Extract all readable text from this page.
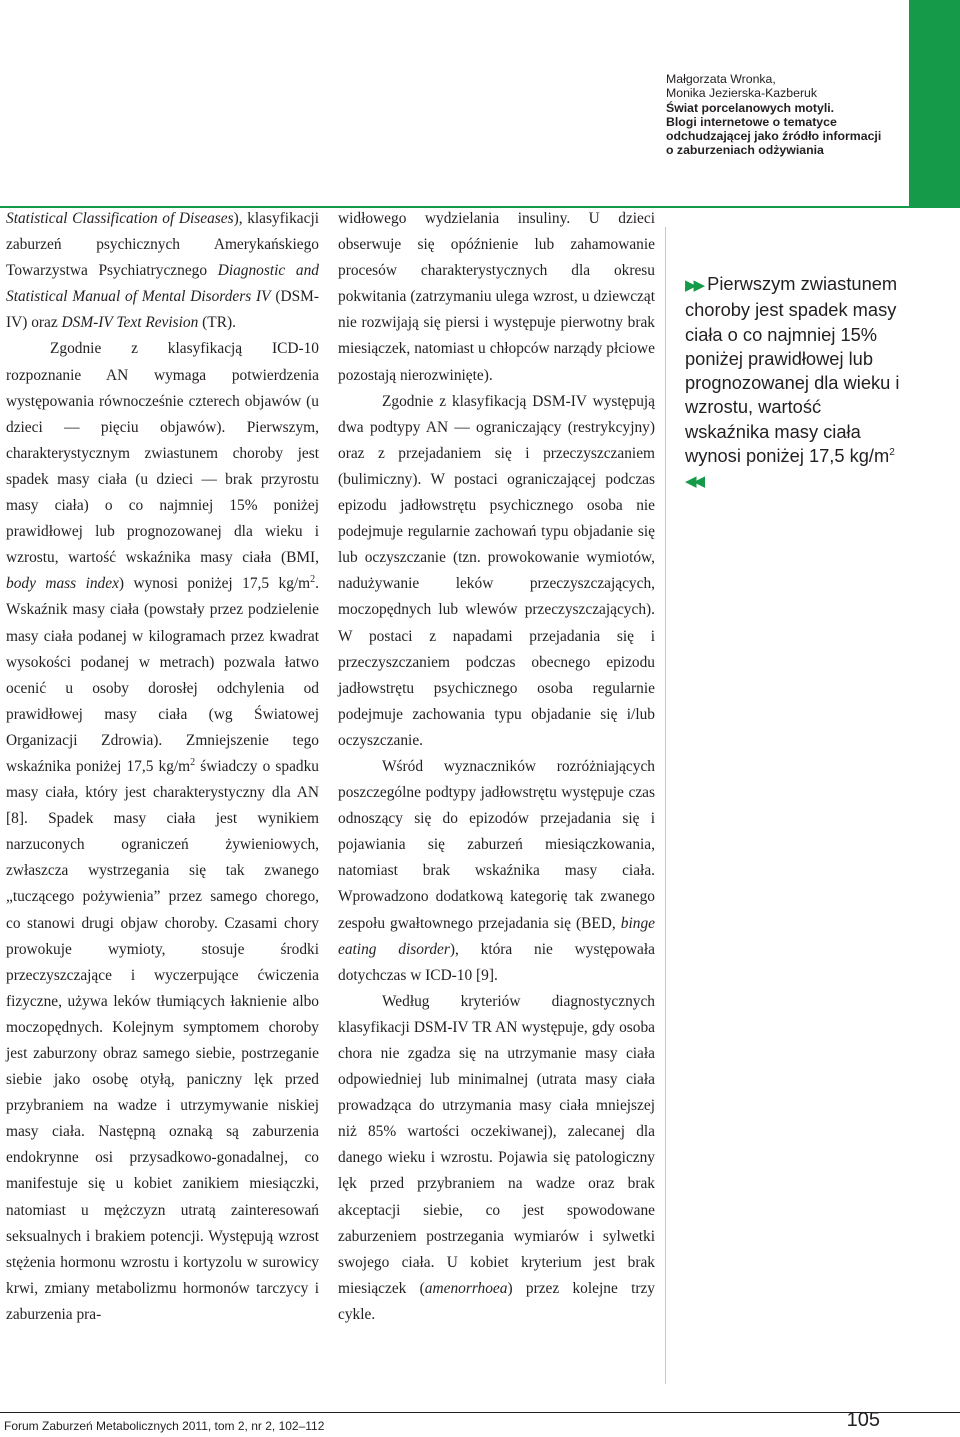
Małgorzata Wronka,
Monika Jezierska-Kazberuk
Świat porcelanowych motyli.
Blogi internetowe o tematyce
odchudzającej jako źródło informacji
o zaburzeniach odżywiania

Statistical Classification of Diseases), klasyfikacji zaburzeń psychicznych Amerykańskiego Towarzystwa Psychiatrycznego Diagnostic and Statistical Manual of Mental Disorders IV (DSM-IV) oraz DSM-IV Text Revision (TR).

Zgodnie z klasyfikacją ICD-10 rozpoznanie AN wymaga potwierdzenia występowania równocześnie czterech objawów (u dzieci — pięciu objawów). Pierwszym, charakterystycznym zwiastunem choroby jest spadek masy ciała (u dzieci — brak przyrostu masy ciała) o co najmniej 15% poniżej prawidłowej lub prognozowanej dla wieku i wzrostu, wartość wskaźnika masy ciała (BMI, body mass index) wynosi poniżej 17,5 $kg/m^2$. Wskaźnik masy ciała (powstały przez podzielenie masy ciała podanej w kilogramach przez kwadrat wysokości podanej w metrach) pozwala łatwo ocenić u osoby dorosłej odchylenia od prawidłowej masy ciała (wg Światowej Organizacji Zdrowia). Zmniejszenie tego wskaźnika poniżej 17,5 $kg/m^2$ świadczy o spadku masy ciała, który jest charakterystyczny dla AN [8]. Spadek masy ciała jest wynikiem narzuconych ograniczeń żywieniowych, zwłaszcza wystrzegania się tak zwanego „tuczącego pożywienia” przez samego chorego, co stanowi drugi objaw choroby. Czasami chory prowokuje wymioty, stosuje środki przeczyszczające i wyczerpujące ćwiczenia fizyczne, używa leków tłumiących łaknienie albo moczopędnych. Kolejnym symptomem choroby jest zaburzony obraz samego siebie, postrzeganie siebie jako osobę otyłą, paniczny lęk przed przybraniem na wadze i utrzymywanie niskiej masy ciała. Następną oznaką są zaburzenia endokrynne osi przysadkowo-gonadalnej, co manifestuje się u kobiet zanikiem miesiączki, natomiast u mężczyzn utratą zainteresowań seksualnych i brakiem potencji. Występują wzrost stężenia hormonu wzrostu i kortyzolu w surowicy krwi, zmiany metabolizmu hormonów tarczycy i zaburzenia pra-

widłowego wydzielania insuliny. U dzieci obserwuje się opóźnienie lub zahamowanie procesów charakterystycznych dla okresu pokwitania (zatrzymaniu ulega wzrost, u dziewcząt nie rozwijają się piersi i występuje pierwotny brak miesiączek, natomiast u chłopców narządy płciowe pozostają nierozwinięte).

Zgodnie z klasyfikacją DSM-IV występują dwa podtypy AN — ograniczający (restrykcyjny) oraz z przejadaniem się i przeczyszczaniem (bulimiczny). W postaci ograniczającej podczas epizodu jadłowstrętu psychicznego osoba nie podejmuje regularnie zachowań typu objadanie się lub oczyszczanie (tzn. prowokowanie wymiotów, nadużywanie leków przeczyszczających, moczopędnych lub wlewów przeczyszczających). W postaci z napadami przejadania się i przeczyszczaniem podczas obecnego epizodu jadłowstrętu psychicznego osoba regularnie podejmuje zachowania typu objadanie się i/lub oczyszczanie.

Wśród wyznaczników rozróżniających poszczególne podtypy jadłowstrętu występuje czas odnoszący się do epizodów przejadania się i pojawiania się zaburzeń miesiączkowania, natomiast brak wskaźnika masy ciała. Wprowadzono dodatkową kategorię tak zwanego zespołu gwałtownego przejadania się (BED, binge eating disorder), która nie występowała dotychczas w ICD-10 [9].

Według kryteriów diagnostycznych klasyfikacji DSM-IV TR AN występuje, gdy osoba chora nie zgadza się na utrzymanie masy ciała odpowiedniej lub minimalnej (utrata masy ciała prowadząca do utrzymania masy ciała mniejszej niż 85% wartości oczekiwanej), zalecanej dla danego wieku i wzrostu. Pojawia się patologiczny lęk przed przybraniem na wadze oraz brak akceptacji siebie, co jest spowodowane zaburzeniem postrzegania wymiarów i sylwetki swojego ciała. U kobiet kryterium jest brak miesiączek (amenorrhoea) przez kolejne trzy cykle.

▶▶ Pierwszym zwiastunem choroby jest spadek masy ciała o co najmniej 15% poniżej prawidłowej lub prognozowanej dla wieku i wzrostu, wartość wskaźnika masy ciała wynosi poniżej 17,5 $kg/m^2$ ◀◀
Forum Zaburzeń Metabolicznych 2011, tom 2, nr 2, 102–112	105
